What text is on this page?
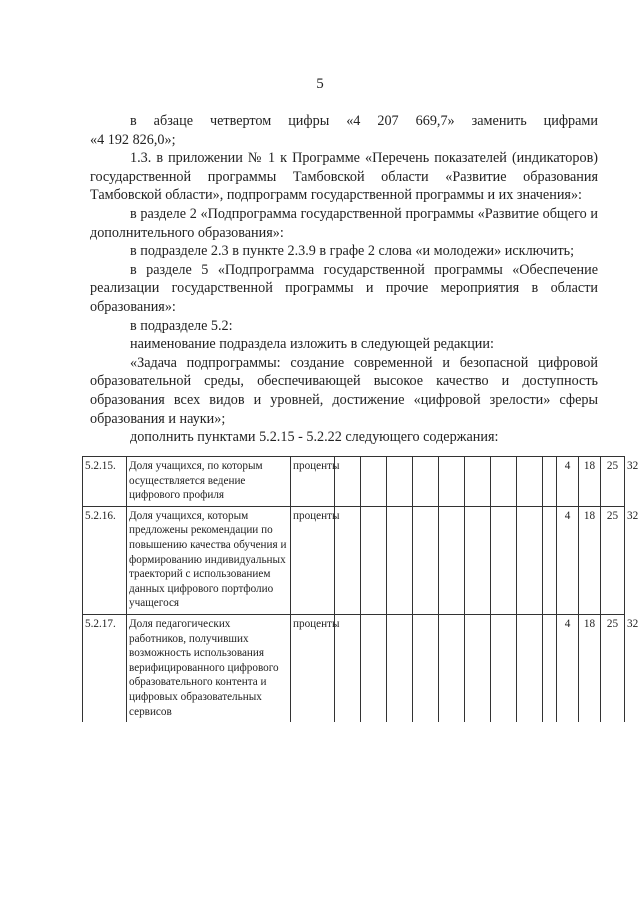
5

в абзаце четвертом цифры «4 207 669,7» заменить цифрами

«4 192 826,0»;

1.3. в приложении № 1 к Программе «Перечень показателей (индикаторов) государственной программы Тамбовской области «Развитие образования Тамбовской области», подпрограмм государственной программы и их значения»:

в разделе 2 «Подпрограмма государственной программы «Развитие общего и дополнительного образования»:

в подразделе 2.3 в пункте 2.3.9 в графе 2 слова «и молодежи» исключить;

в разделе 5 «Подпрограмма государственной программы «Обеспечение реализации государственной программы и прочие мероприятия в области образования»:

в подразделе 5.2:

наименование подраздела изложить в следующей редакции:

«Задача подпрограммы: создание современной и безопасной цифровой образовательной среды, обеспечивающей высокое качество и доступность образования всех видов и уровней, достижение «цифровой зрелости» сферы образования и науки»;

дополнить пунктами 5.2.15 - 5.2.22 следующего содержания:

5.2.15.	Доля учащихся, по которым осуществляется ведение цифрового профиля	проценты										4	18	25	32
5.2.16.	Доля учащихся, которым предложены рекомендации по повышению качества обучения и формированию индивидуальных траекторий с использованием данных цифрового портфолио учащегося	проценты										4	18	25	32
5.2.17.	Доля педагогических работников, получивших возможность использования верифицированного цифрового образовательного контента и цифровых образовательных сервисов	проценты										4	18	25	32
